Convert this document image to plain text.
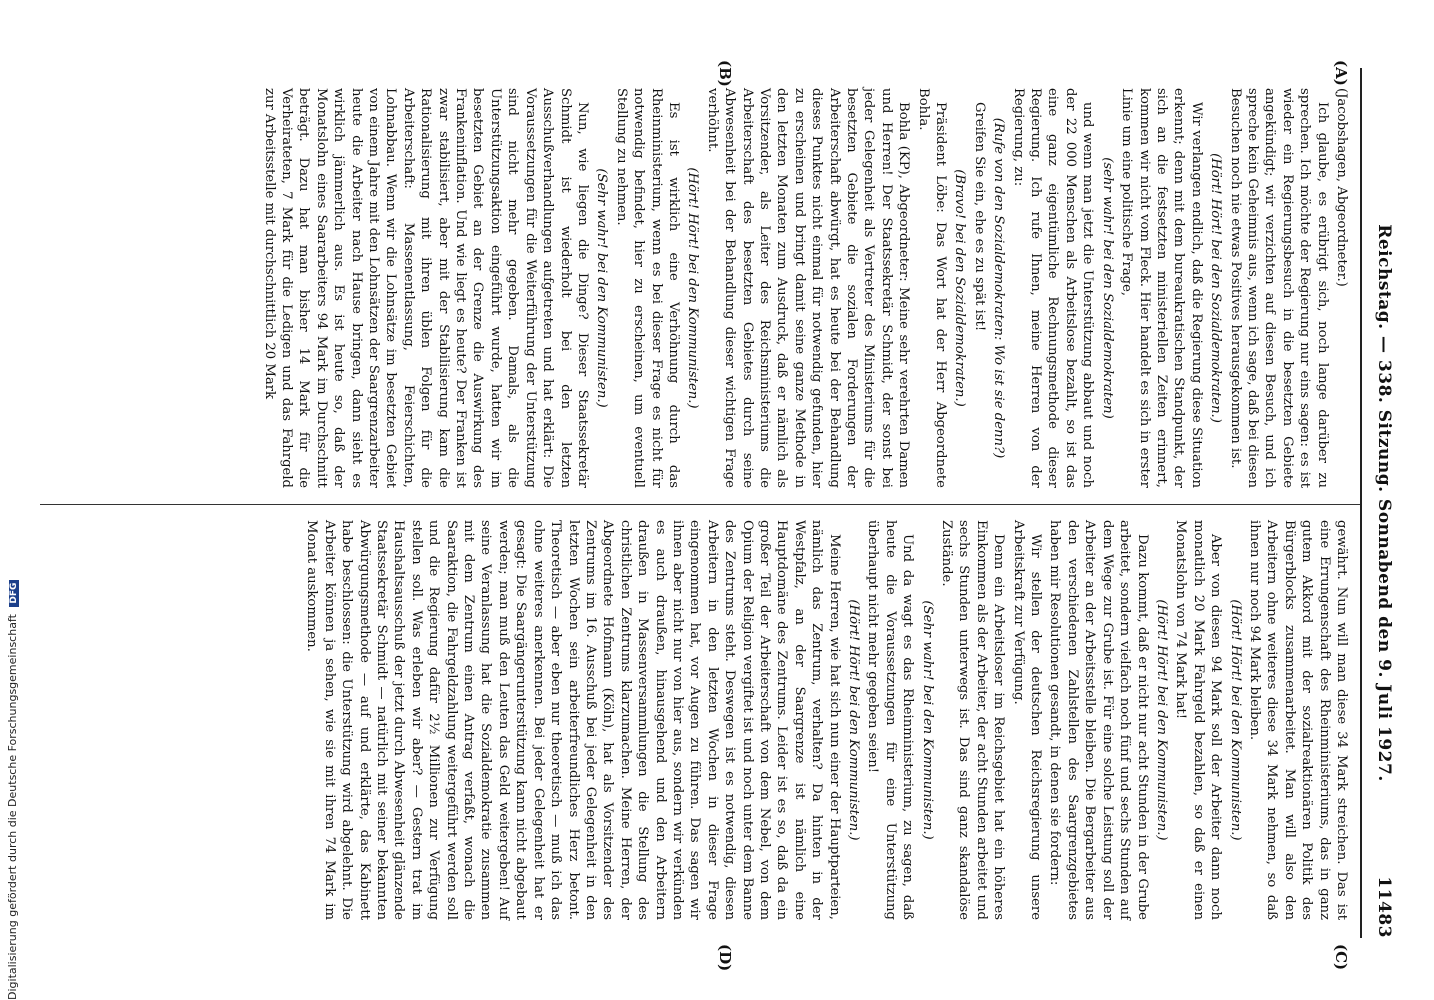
Reichstag. — 338. Sitzung. Sonnabend den 9. Juli 1927.
11483
(A)
(B)
(C)
(D)

(Jacobshagen, Abgeordneter.)

Ich glaube, es erübrigt sich, noch lange darüber zu sprechen. Ich möchte der Regierung nur eins sagen: es ist wieder ein Regierungsbesuch in die besetzten Gebiete angekündigt; wir verzichten auf diesen Besuch, und ich spreche kein Geheimnis aus, wenn ich sage, daß bei diesen Besuchen noch nie etwas Positives herausgekommen ist.

(Hört! Hört! bei den Sozialdemokraten.)

Wir verlangen endlich, daß die Regierung diese Situation erkennt; denn mit dem bureaukratischen Standpunkt, der sich an die festsetzten ministeriellen Zeiten erinnert, kommen wir nicht vom Fleck. Hier handelt es sich in erster Linie um eine politische Frage,

(sehr wahr! bei den Sozialdemokraten)

und wenn man jetzt die Unterstützung abbaut und noch der 22 000 Menschen als Arbeitslose bezahlt, so ist das eine ganz eigentümliche Rechnungsmethode dieser Regierung. Ich rufe Ihnen, meine Herren von der Regierung, zu:

(Rufe von den Sozialdemokraten: Wo ist sie denn?)

Greifen Sie ein, ehe es zu spät ist!

(Bravo! bei den Sozialdemokraten.)

Präsident Löbe: Das Wort hat der Herr Abgeordnete Bohla.

Bohla (KP), Abgeordneter: Meine sehr verehrten Damen und Herren! Der Staatssekretär Schmidt, der sonst bei jeder Gelegenheit als Vertreter des Ministeriums für die besetzten Gebiete die sozialen Forderungen der Arbeiterschaft abwürgt, hat es heute bei der Behandlung dieses Punktes nicht einmal für notwendig gefunden, hier zu erscheinen und bringt damit seine ganze Methode in den letzten Monaten zum Ausdruck, daß er nämlich als Vorsitzender, als Leiter des Reichsministeriums die Arbeiterschaft des besetzten Gebietes durch seine Abwesenheit bei der Behandlung dieser wichtigen Frage verhöhnt.

(Hört! Hört! bei den Kommunisten.)

Es ist wirklich eine Verhöhnung durch das Rheinministerium, wenn es bei dieser Frage es nicht für notwendig befindet, hier zu erscheinen, um eventuell Stellung zu nehmen.

(Sehr wahr! bei den Kommunisten.)

Nun, wie liegen die Dinge? Dieser Staatssekretär Schmidt ist wiederholt bei den letzten Ausschußverhandlungen aufgetreten und hat erklärt: Die Voraussetzungen für die Weiterführung der Unterstützung sind nicht mehr gegeben. Damals, als die Unterstützungsaktion eingeführt wurde, hatten wir im besetzten Gebiet an der Grenze die Auswirkung des Frankeninflation. Und wie liegt es heute? Der Franken ist zwar stabilisiert, aber mit der Stabilisierung kam die Rationalisierung mit ihren üblen Folgen für die Arbeiterschaft: Massenentlassung, Feierschichten, Lohnabbau. Wenn wir die Lohnsätze im besetzten Gebiet von einem Jahre mit den Lohnsätzen der Saargrenzarbeiter heute die Arbeiter nach Hause bringen, dann sieht es wirklich jämmerlich aus. Es ist heute so, daß der Monatslohn eines Saararbeiters 94 Mark im Durchschnitt beträgt. Dazu hat man bisher 14 Mark für die Verheirateten, 7 Mark für die Ledigen und das Fahrgeld zur Arbeitsstelle mit durchschnittlich 20 Mark

gewährt. Nun will man diese 34 Mark streichen. Das ist eine Errungenschaft des Rheinministeriums, das in ganz gutem Akkord mit der sozialreaktionären Politik des Bürgerblocks zusammenarbeitet. Man will also den Arbeitern ohne weiteres diese 34 Mark nehmen, so daß ihnen nur noch 94 Mark bleiben.

(Hört! Hört! bei den Kommunisten.)

Aber von diesen 94 Mark soll der Arbeiter dann noch monatlich 20 Mark Fahrgeld bezahlen, so daß er einen Monatslohn von 74 Mark hat!

(Hört! Hört! bei den Kommunisten.)

Dazu kommt, daß er nicht nur acht Stunden in der Grube arbeitet, sondern vielfach noch fünf und sechs Stunden auf dem Wege zur Grube ist. Für eine solche Leistung soll der Arbeiter an der Arbeitsstelle bleiben. Die Bergarbeiter aus den verschiedenen Zahlstellen des Saargrenzgebietes haben mir Resolutionen gesandt, in denen sie fordern:

Wir stellen der deutschen Reichsregierung unsere Arbeitskraft zur Verfügung.

Denn ein Arbeitsloser im Reichsgebiet hat ein höheres Einkommen als der Arbeiter, der acht Stunden arbeitet und sechs Stunden unterwegs ist. Das sind ganz skandalöse Zustände.

(Sehr wahr! bei den Kommunisten.)

Und da wagt es das Rheinministerium, zu sagen, daß heute die Voraussetzungen für eine Unterstützung überhaupt nicht mehr gegeben seien!

(Hört! Hört! bei den Kommunisten.)

Meine Herren, wie hat sich nun einer der Hauptparteien, nämlich das Zentrum, verhalten? Da hinten in der Westpfalz, an der Saargrenze ist nämlich eine Hauptdomäne des Zentrums. Leider ist es so, daß da ein großer Teil der Arbeiterschaft von dem Nebel, von dem Opium der Religion vergiftet ist und noch unter dem Banne des Zentrums steht. Deswegen ist es notwendig, diesen Arbeitern in den letzten Wochen in dieser Frage eingenommen hat, vor Augen zu führen. Das sagen wir ihnen aber nicht nur von hier aus, sondern wir verkünden es auch draußen, hinausgehend und den Arbeitern draußen in Massenversammlungen die Stellung des christlichen Zentrums klarzumachen. Meine Herren, der Abgeordnete Hofmann (Köln), hat als Vorsitzender des Zentrums im 16. Ausschuß bei jeder Gelegenheit in den letzten Wochen sein arbeiterfreundliches Herz betont. Theoretisch — aber eben nur theoretisch — muß ich das ohne weiteres anerkennen. Bei jeder Gelegenheit hat er gesagt: Die Saargängerunterstützung kann nicht abgebaut werden; man muß den Leuten das Geld weitergeben! Auf seine Veranlassung hat die Sozialdemokratie zusammen mit dem Zentrum einen Antrag verfaßt, wonach die Saaraktion, die Fahrgeldzahlung weitergeführt werden soll und die Regierung dafür 2½ Millionen zur Verfügung stellen soll. Was erleben wir aber? — Gestern trat im Haushaltsausschuß der jetzt durch Abwesenheit glänzende Staatssekretär Schmidt — natürlich mit seiner bekannten Abwürgungsmethode — auf und erklärte, das Kabinett habe beschlossen: die Unterstützung wird abgelehnt. Die Arbeiter können ja sehen, wie sie mit ihren 74 Mark im Monat auskommen.

Digitalisierung gefördert durch die Deutsche Forschungsgemeinschaft DFG
